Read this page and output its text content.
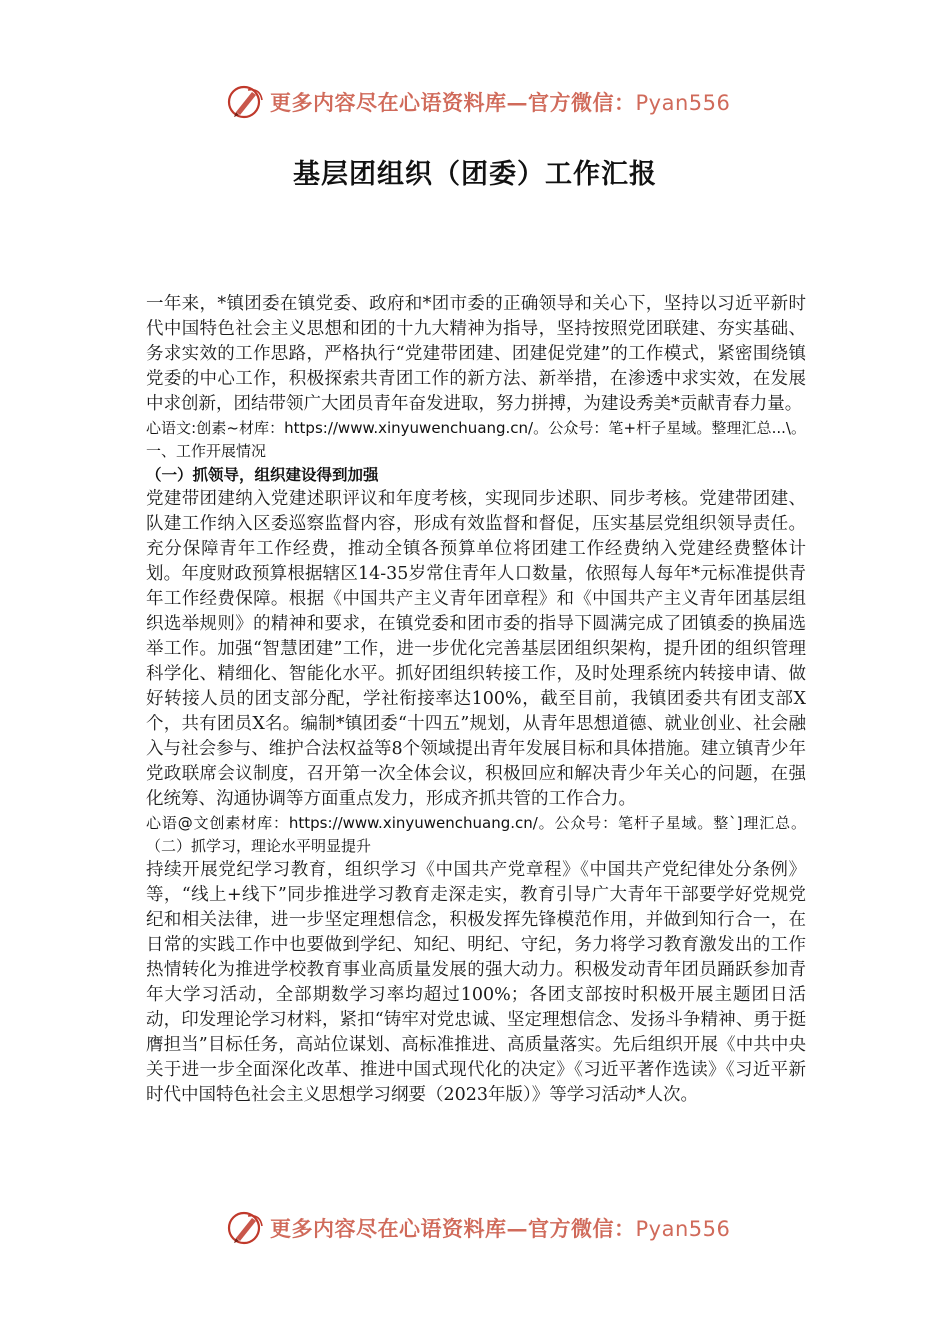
更多内容尽在心语资料库—官方微信：Pyan556
基层团组织（团委）工作汇报

一年来，*镇团委在镇党委、政府和*团市委的正确领导和关心下，坚持以习近平新时代中国特色社会主义思想和团的十九大精神为指导，坚持按照党团联建、夯实基础、务求实效的工作思路，严格执行“党建带团建、团建促党建”的工作模式，紧密围绕镇党委的中心工作，积极探索共青团工作的新方法、新举措，在渗透中求实效，在发展中求创新，团结带领广大团员青年奋发进取，努力拼搏，为建设秀美*贡献青春力量。

心语文:创素~材库：https://www.xinyuwenchuang.cn/。公众号：笔+杆子星域。整理汇总...\。一、工作开展情况

（一）抓领导，组织建设得到加强

党建带团建纳入党建述职评议和年度考核，实现同步述职、同步考核。党建带团建、队建工作纳入区委巡察监督内容，形成有效监督和督促，压实基层党组织领导责任。充分保障青年工作经费，推动全镇各预算单位将团建工作经费纳入党建经费整体计划。年度财政预算根据辖区14-35岁常住青年人口数量，依照每人每年*元标准提供青年工作经费保障。根据《中国共产主义青年团章程》和《中国共产主义青年团基层组织选举规则》的精神和要求，在镇党委和团市委的指导下圆满完成了团镇委的换届选举工作。加强“智慧团建”工作，进一步优化完善基层团组织架构，提升团的组织管理科学化、精细化、智能化水平。抓好团组织转接工作，及时处理系统内转接申请、做好转接人员的团支部分配，学社衔接率达100%，截至目前，我镇团委共有团支部X个，共有团员X名。编制*镇团委“十四五”规划，从青年思想道德、就业创业、社会融入与社会参与、维护合法权益等8个领域提出青年发展目标和具体措施。建立镇青少年党政联席会议制度，召开第一次全体会议，积极回应和解决青少年关心的问题，在强化统筹、沟通协调等方面重点发力，形成齐抓共管的工作合力。

心语@文创素材库：https://www.xinyuwenchuang.cn/。公众号：笔杆子星域。整`]理汇总。（二）抓学习，理论水平明显提升

持续开展党纪学习教育，组织学习《中国共产党章程》《中国共产党纪律处分条例》等，“线上+线下”同步推进学习教育走深走实，教育引导广大青年干部要学好党规党纪和相关法律，进一步坚定理想信念，积极发挥先锋模范作用，并做到知行合一，在日常的实践工作中也要做到学纪、知纪、明纪、守纪，务力将学习教育激发出的工作热情转化为推进学校教育事业高质量发展的强大动力。积极发动青年团员踊跃参加青年大学习活动，全部期数学习率均超过100%；各团支部按时积极开展主题团日活动，印发理论学习材料，紧扣“铸牢对党忠诚、坚定理想信念、发扬斗争精神、勇于挺膺担当”目标任务，高站位谋划、高标准推进、高质量落实。先后组织开展《中共中央关于进一步全面深化改革、推进中国式现代化的决定》《习近平著作选读》《习近平新时代中国特色社会主义思想学习纲要（2023年版）》等学习活动*人次。

更多内容尽在心语资料库—官方微信：Pyan556
